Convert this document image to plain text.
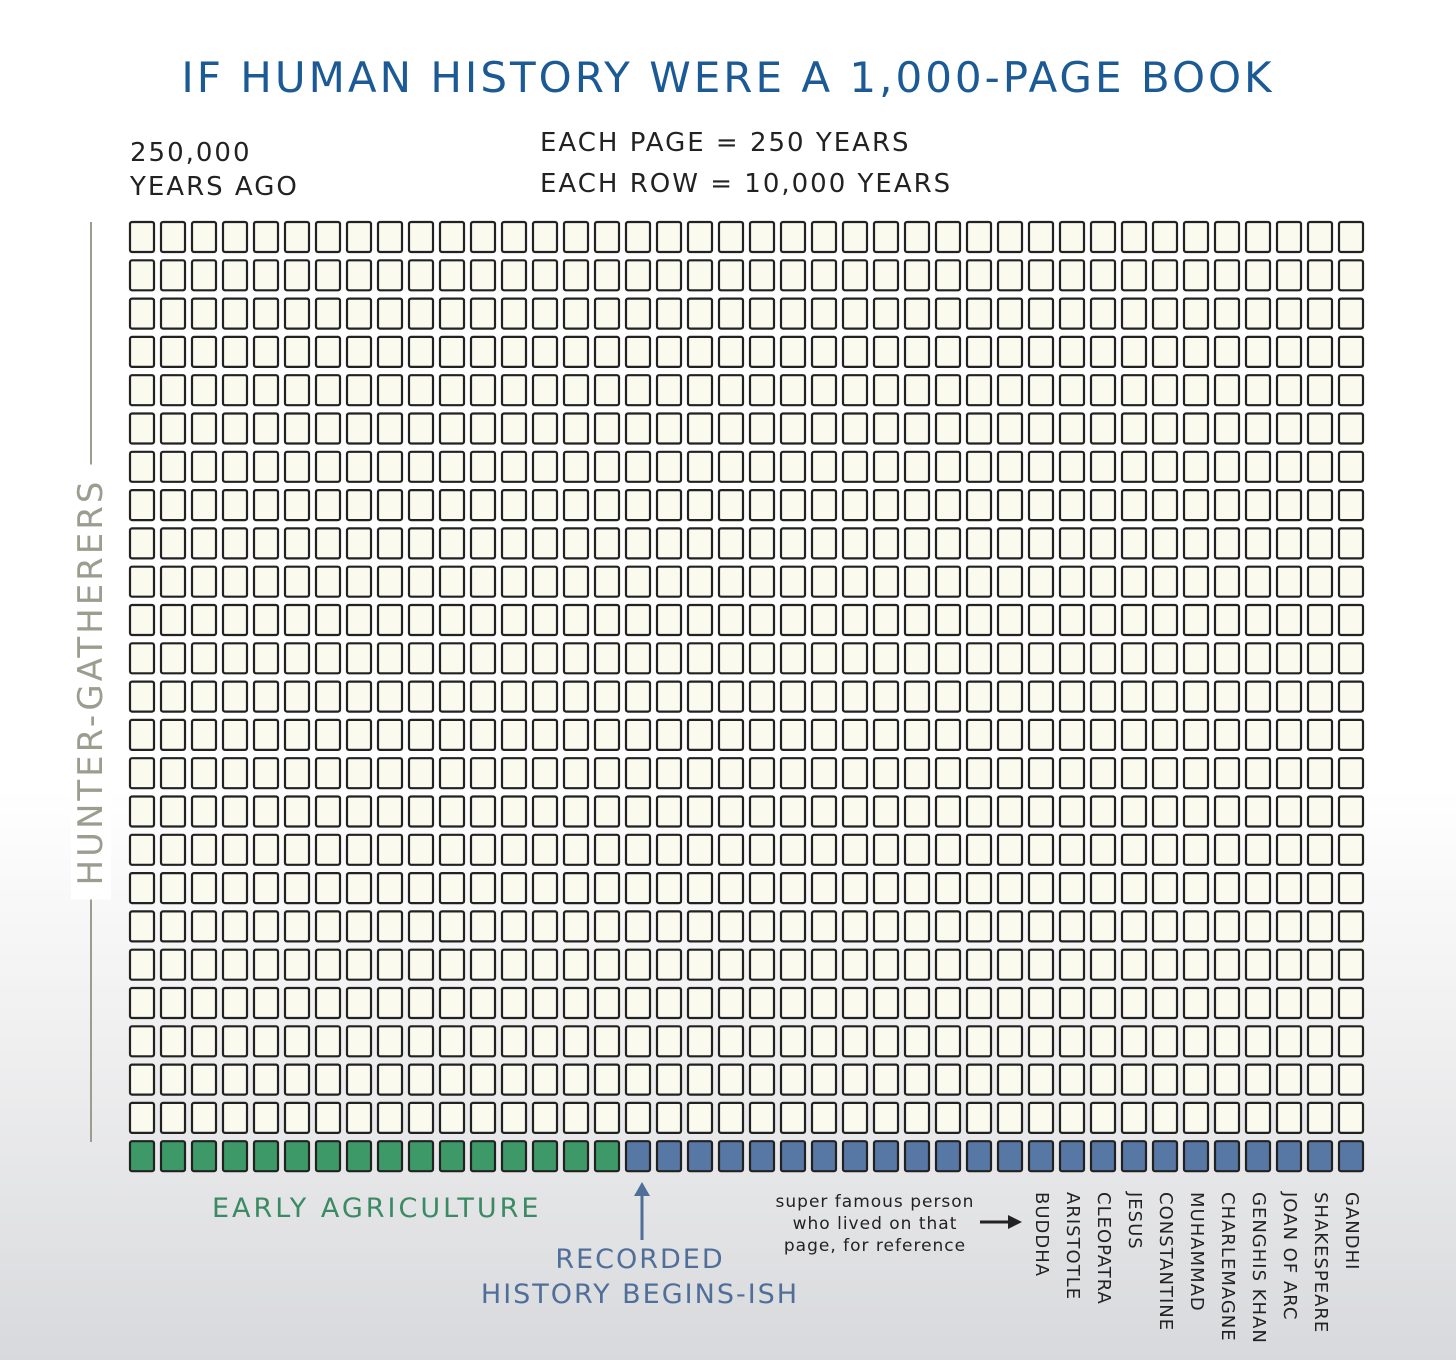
IF HUMAN HISTORY WERE A 1,000-PAGE BOOK
250,000
YEARS AGO
EACH PAGE = 250 YEARS
EACH ROW = 10,000 YEARS
HUNTER-GATHERERS
EARLY AGRICULTURE
RECORDED
HISTORY BEGINS-ISH
super famous person
who lived on that
page, for reference	BUDDHA ARISTOTLE CLEOPATRA JESUS CONSTANTINE MUHAMMAD CHARLEMAGNE GENGHIS KHAN JOAN OF ARC SHAKESPEARE GANDHI
